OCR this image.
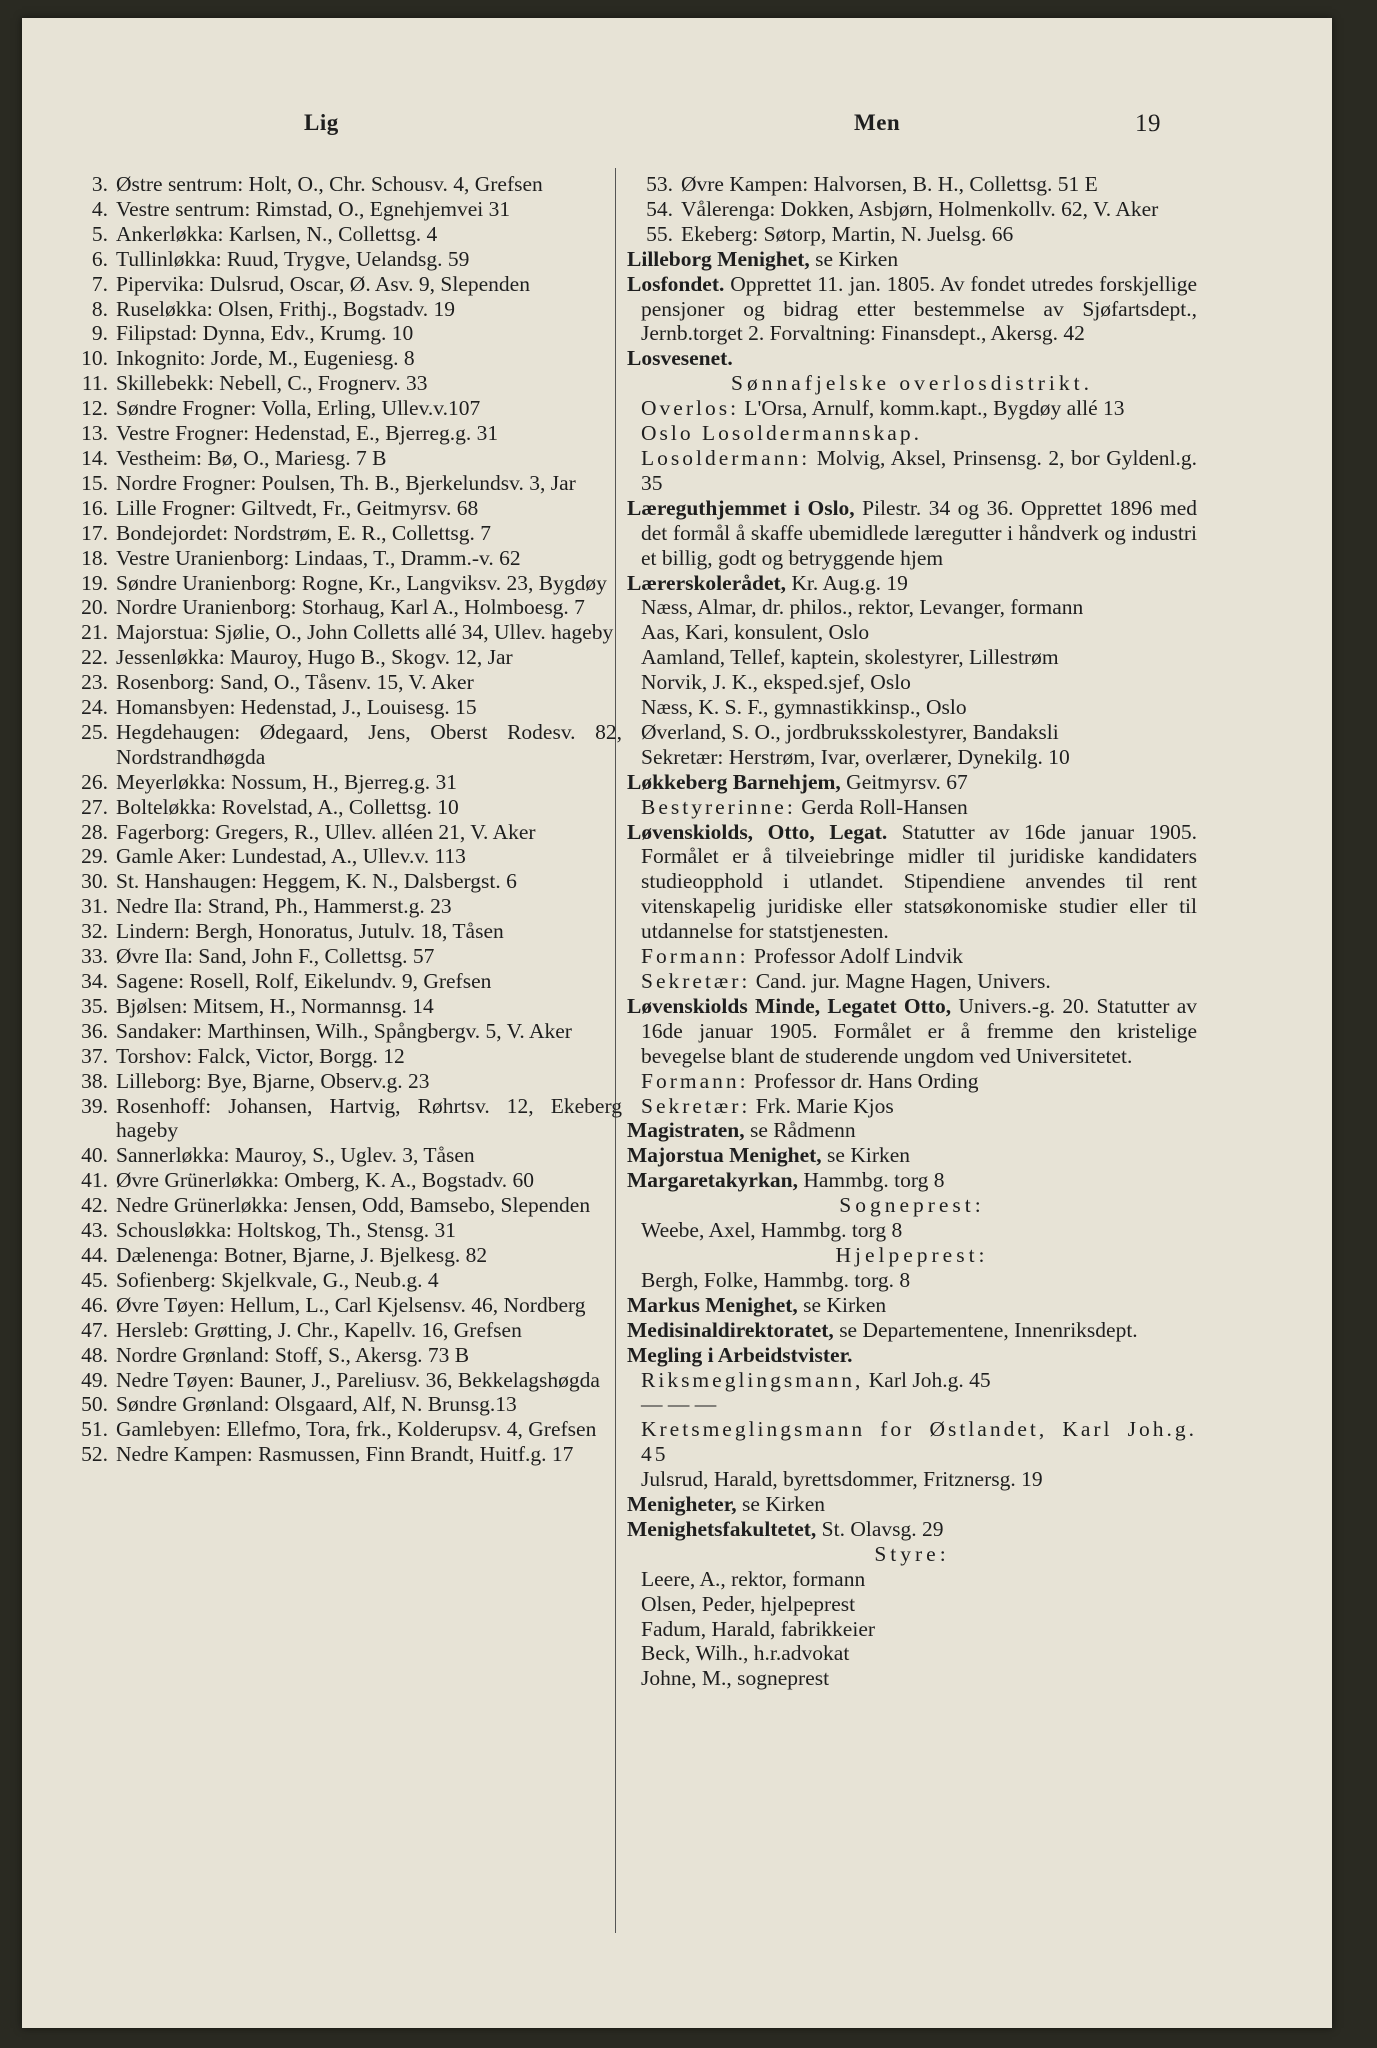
Lig	Men	19
3. Østre sentrum: Holt, O., Chr. Schousv. 4, Grefsen
4. Vestre sentrum: Rimstad, O., Egnehjemvei 31
5. Ankerløkka: Karlsen, N., Collettsg. 4
6. Tullinløkka: Ruud, Trygve, Uelandsg. 59
7. Pipervika: Dulsrud, Oscar, Ø. Asv. 9, Slependen
8. Ruseløkka: Olsen, Frithj., Bogstadv. 19
9. Filipstad: Dynna, Edv., Krumg. 10
10. Inkognito: Jorde, M., Eugeniesg. 8
11. Skillebekk: Nebell, C., Frognerv. 33
12. Søndre Frogner: Volla, Erling, Ullev.v.107
13. Vestre Frogner: Hedenstad, E., Bjerreg.g. 31
14. Vestheim: Bø, O., Mariesg. 7 B
15. Nordre Frogner: Poulsen, Th. B., Bjerkelundsv. 3, Jar
16. Lille Frogner: Giltvedt, Fr., Geitmyrsv. 68
17. Bondejordet: Nordstrøm, E. R., Collettsg. 7
18. Vestre Uranienborg: Lindaas, T., Dramm.-v. 62
19. Søndre Uranienborg: Rogne, Kr., Langviksv. 23, Bygdøy
20. Nordre Uranienborg: Storhaug, Karl A., Holmboesg. 7
21. Majorstua: Sjølie, O., John Colletts allé 34, Ullev. hageby
22. Jessenløkka: Mauroy, Hugo B., Skogv. 12, Jar
23. Rosenborg: Sand, O., Tåsenv. 15, V. Aker
24. Homansbyen: Hedenstad, J., Louisesg. 15
25. Hegdehaugen: Ødegaard, Jens, Oberst Rodesv. 82, Nordstrandhøgda
26. Meyerløkka: Nossum, H., Bjerreg.g. 31
27. Bolteløkka: Rovelstad, A., Collettsg. 10
28. Fagerborg: Gregers, R., Ullev. alléen 21, V. Aker
29. Gamle Aker: Lundestad, A., Ullev.v. 113
30. St. Hanshaugen: Heggem, K. N., Dalsbergst. 6
31. Nedre Ila: Strand, Ph., Hammerst.g. 23
32. Lindern: Bergh, Honoratus, Jutulv. 18, Tåsen
33. Øvre Ila: Sand, John F., Collettsg. 57
34. Sagene: Rosell, Rolf, Eikelundv. 9, Grefsen
35. Bjølsen: Mitsem, H., Normannsg. 14
36. Sandaker: Marthinsen, Wilh., Spångbergv. 5, V. Aker
37. Torshov: Falck, Victor, Borgg. 12
38. Lilleborg: Bye, Bjarne, Observ.g. 23
39. Rosenhoff: Johansen, Hartvig, Røhrtsv. 12, Ekeberg hageby
40. Sannerløkka: Mauroy, S., Uglev. 3, Tåsen
41. Øvre Grünerløkka: Omberg, K. A., Bogstadv. 60
42. Nedre Grünerløkka: Jensen, Odd, Bamsebo, Slependen
43. Schousløkka: Holtskog, Th., Stensg. 31
44. Dælenenga: Botner, Bjarne, J. Bjelkesg. 82
45. Sofienberg: Skjelkvale, G., Neub.g. 4
46. Øvre Tøyen: Hellum, L., Carl Kjelsensv. 46, Nordberg
47. Hersleb: Grøtting, J. Chr., Kapellv. 16, Grefsen
48. Nordre Grønland: Stoff, S., Akersg. 73 B
49. Nedre Tøyen: Bauner, J., Pareliusv. 36, Bekkelagshøgda
50. Søndre Grønland: Olsgaard, Alf, N. Brunsg.13
51. Gamlebyen: Ellefmo, Tora, frk., Kolderupsv. 4, Grefsen
52. Nedre Kampen: Rasmussen, Finn Brandt, Huitf.g. 17
53. Øvre Kampen: Halvorsen, B. H., Collettsg. 51 E
54. Vålerenga: Dokken, Asbjørn, Holmenkollv. 62, V. Aker
55. Ekeberg: Søtorp, Martin, N. Juelsg. 66
Lilleborg Menighet, se Kirken
Losfondet. Opprettet 11. jan. 1805. Av fondet utredes forskjellige pensjoner og bidrag etter bestemmelse av Sjøfartsdept., Jernb.torget 2. Forvaltning: Finansdept., Akersg. 42
Losvesenet.
Sønnafjelske overlosdistrikt.
Overlos: L'Orsa, Arnulf, komm.kapt., Bygdøy allé 13
Oslo Losoldermannskap.
Losoldermann: Molvig, Aksel, Prinsensg. 2, bor Gyldenl.g. 35
Læreguthjemmet i Oslo, Pilestr. 34 og 36. Opprettet 1896 med det formål å skaffe ubemidlede læregutter i håndverk og industri et billig, godt og betryggende hjem
Lærerskolerådet, Kr. Aug.g. 19
Næss, Almar, dr. philos., rektor, Levanger, formann
Aas, Kari, konsulent, Oslo
Aamland, Tellef, kaptein, skolestyrer, Lillestrøm
Norvik, J. K., eksped.sjef, Oslo
Næss, K. S. F., gymnastikkinsp., Oslo
Øverland, S. O., jordbruksskolestyrer, Bandaksli
Sekretær: Herstrøm, Ivar, overlærer, Dynekilg. 10
Løkkeberg Barnehjem, Geitmyrsv. 67
Bestyrerinne: Gerda Roll-Hansen
Løvenskiolds, Otto, Legat. Statutter av 16de januar 1905. Formålet er å tilveiebringe midler til juridiske kandidaters studieopphold i utlandet. Stipendiene anvendes til rent vitenskapelig juridiske eller statsøkonomiske studier eller til utdannelse for statstjenesten.
Formann: Professor Adolf Lindvik
Sekretær: Cand. jur. Magne Hagen, Univers.
Løvenskiolds Minde, Legatet Otto, Univers.-g. 20. Statutter av 16de januar 1905. Formålet er å fremme den kristelige bevegelse blant de studerende ungdom ved Universitetet.
Formann: Professor dr. Hans Ording
Sekretær: Frk. Marie Kjos
Magistraten, se Rådmenn
Majorstua Menighet, se Kirken
Margaretakyrkan, Hammbg. torg 8
Sogneprest:
Weebe, Axel, Hammbg. torg 8
Hjelpeprest:
Bergh, Folke, Hammbg. torg. 8
Markus Menighet, se Kirken
Medisinaldirektoratet, se Departementene, Innenriksdept.
Megling i Arbeidstvister.
Riksmeglingsmann, Karl Joh.g. 45
— — —
Kretsmeglingsmann for Østlandet, Karl Joh.g. 45
Julsrud, Harald, byrettsdommer, Fritznersg. 19
Menigheter, se Kirken
Menighetsfakultetet, St. Olavsg. 29
Styre:
Leere, A., rektor, formann
Olsen, Peder, hjelpeprest
Fadum, Harald, fabrikkeier
Beck, Wilh., h.r.advokat
Johne, M., sogneprest
